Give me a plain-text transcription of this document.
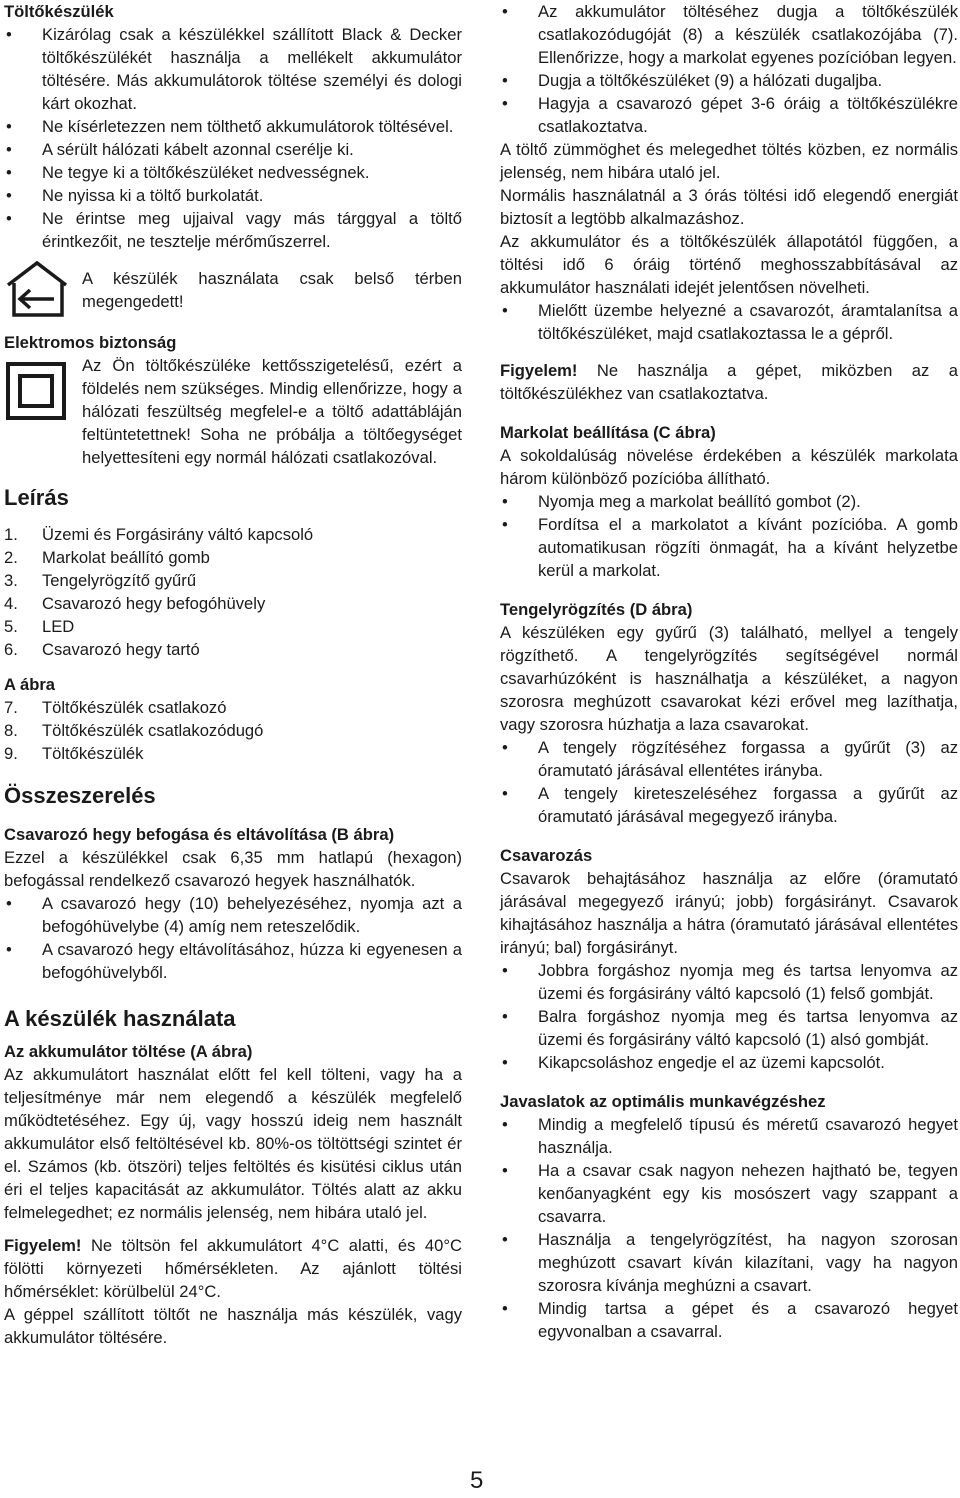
Töltőkészülék
• Kizárólag csak a készülékkel szállított Black & Decker töltőkészülékét használja a mellékelt akkumulátor töltésére. Más akkumulátorok töltése személyi és dologi kárt okozhat.
• Ne kísérletezzen nem tölthető akkumulátorok töltésével.
• A sérült hálózati kábelt azonnal cserélje ki.
• Ne tegye ki a töltőkészüléket nedvességnek.
• Ne nyissa ki a töltő burkolatát.
• Ne érintse meg ujjaival vagy más tárggyal a töltő érintkezőit, ne tesztelje mérőműszerrel.
A készülék használata csak belső térben megengedett!
Elektromos biztonság

Az Ön töltőkészüléke kettősszigetelésű, ezért a földelés nem szükséges. Mindig ellenőrizze, hogy a hálózati feszültség megfelel-e a töltő adattábláján feltüntetettnek! Soha ne próbálja a töltőegységet helyettesíteni egy normál hálózati csatlakozóval.

Leírás
1.	Üzemi és Forgásirány váltó kapcsoló
2.	Markolat beállító gomb
3.	Tengelyrögzítő gyűrű
4.	Csavarozó hegy befogóhüvely
5.	LED
6.	Csavarozó hegy tartó
A ábra
7.	Töltőkészülék csatlakozó
8.	Töltőkészülék csatlakozódugó
9.	Töltőkészülék
Összeszerelés
Csavarozó hegy befogása és eltávolítása (B ábra)

Ezzel a készülékkel csak 6,35 mm hatlapú (hexagon) befogással rendelkező csavarozó hegyek használhatók.

• A csavarozó hegy (10) behelyezéséhez, nyomja azt a befogóhüvelybe (4) amíg nem reteszelődik.
• A csavarozó hegy eltávolításához, húzza ki egyenesen a befogóhüvelyből.
A készülék használata
Az akkumulátor töltése (A ábra)

Az akkumulátort használat előtt fel kell tölteni, vagy ha a teljesítménye már nem elegendő a készülék megfelelő működtetéséhez. Egy új, vagy hosszú ideig nem használt akkumulátor első feltöltésével kb. 80%-os töltöttségi szintet ér el. Számos (kb. ötszöri) teljes feltöltés és kisütési ciklus után éri el teljes kapacitását az akkumulátor. Töltés alatt az akku felmelegedhet; ez normális jelenség, nem hibára utaló jel.

Figyelem! Ne töltsön fel akkumulátort 4°C alatti, és 40°C fölötti környezeti hőmérsékleten. Az ajánlott töltési hőmérséklet: körülbelül 24°C.

A géppel szállított töltőt ne használja más készülék, vagy akkumulátor töltésére.

• Az akkumulátor töltéséhez dugja a töltőkészülék csatlakozódugóját (8) a készülék csatlakozójába (7). Ellenőrizze, hogy a markolat egyenes pozícióban legyen.
• Dugja a töltőkészüléket (9) a hálózati dugaljba.
• Hagyja a csavarozó gépet 3-6 óráig a töltőkészülékre csatlakoztatva.

A töltő zümmöghet és melegedhet töltés közben, ez normális jelenség, nem hibára utaló jel.

Normális használatnál a 3 órás töltési idő elegendő energiát biztosít a legtöbb alkalmazáshoz.

Az akkumulátor és a töltőkészülék állapotától függően, a töltési idő 6 óráig történő meghosszabbításával az akkumulátor használati idejét jelentősen növelheti.

• Mielőtt üzembe helyezné a csavarozót, áramtalanítsa a töltőkészüléket, majd csatlakoztassa le a gépről.

Figyelem! Ne használja a gépet, miközben az a töltőkészülékhez van csatlakoztatva.

Markolat beállítása (C ábra)

A sokoldalúság növelése érdekében a készülék markolata három különböző pozícióba állítható.

• Nyomja meg a markolat beállító gombot (2).
• Fordítsa el a markolatot a kívánt pozícióba. A gomb automatikusan rögzíti önmagát, ha a kívánt helyzetbe kerül a markolat.
Tengelyrögzítés (D ábra)

A készüléken egy gyűrű (3) található, mellyel a tengely rögzíthető. A tengelyrögzítés segítségével normál csavarhúzóként is használhatja a készüléket, a nagyon szorosra meghúzott csavarokat kézi erővel meg lazíthatja, vagy szorosra húzhatja a laza csavarokat.

• A tengely rögzítéséhez forgassa a gyűrűt (3) az óramutató járásával ellentétes irányba.
• A tengely kireteszeléséhez forgassa a gyűrűt az óramutató járásával megegyező irányba.
Csavarozás

Csavarok behajtásához használja az előre (óramutató járásával megegyező irányú; jobb) forgásirányt. Csavarok kihajtásához használja a hátra (óramutató járásával ellentétes irányú; bal) forgásirányt.

• Jobbra forgáshoz nyomja meg és tartsa lenyomva az üzemi és forgásirány váltó kapcsoló (1) felső gombját.
• Balra forgáshoz nyomja meg és tartsa lenyomva az üzemi és forgásirány váltó kapcsoló (1) alsó gombját.
• Kikapcsoláshoz engedje el az üzemi kapcsolót.
Javaslatok az optimális munkavégzéshez
• Mindig a megfelelő típusú és méretű csavarozó hegyet használja.
• Ha a csavar csak nagyon nehezen hajtható be, tegyen kenőanyagként egy kis mosószert vagy szappant a csavarra.
• Használja a tengelyrögzítést, ha nagyon szorosan meghúzott csavart kíván kilazítani, vagy ha nagyon szorosra kívánja meghúzni a csavart.
• Mindig tartsa a gépet és a csavarozó hegyet egyvonalban a csavarral.
5
